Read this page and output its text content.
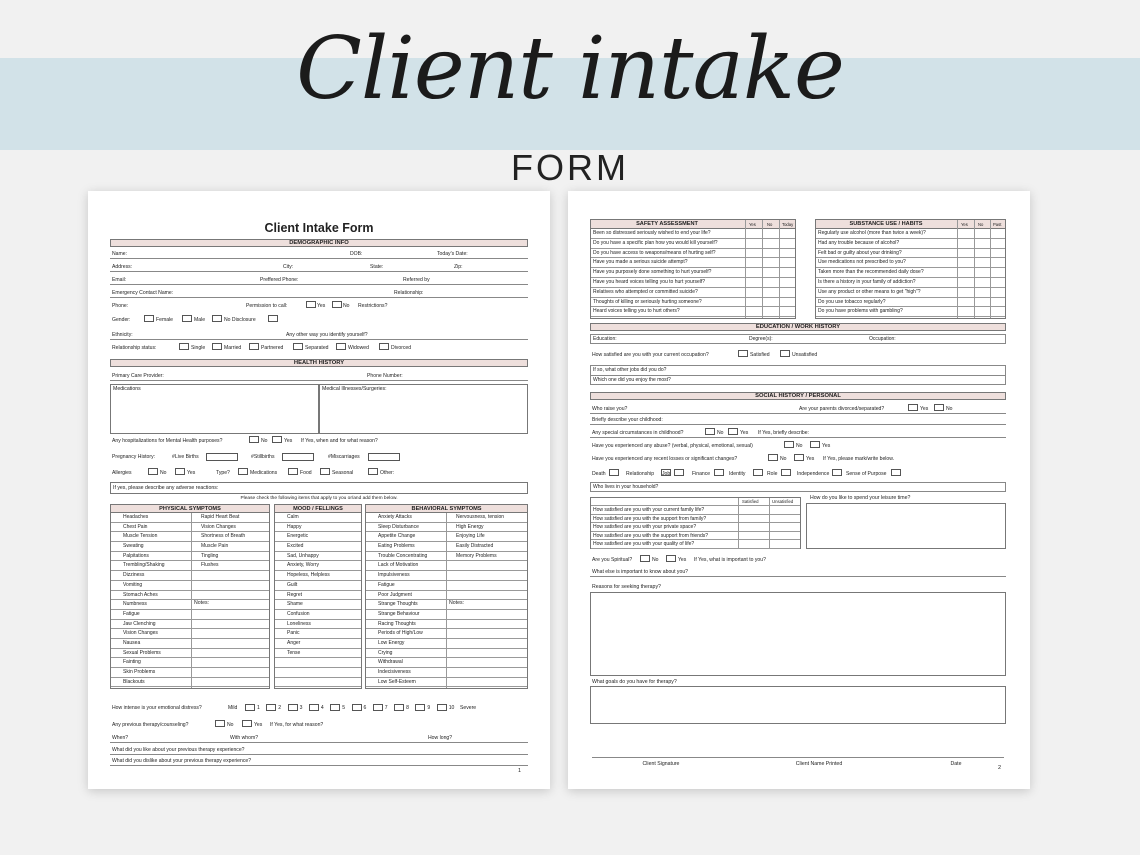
Client intake
FORM
Client Intake Form
DEMOGRAPHIC INFO
Name:	DOB:	Today's Date:
Address:	City:	State:	Zip:
Email:	Preffered Phone:	Referred by
Emergency Contact Name:	Relationship:
Phone:	Permission to call:	Yes	No Restrictions?
Gender:	Female	Male	No Disclosure
Ethnicity:	Any other way you identify yourself?
Relationship status:	Single	Married	Partnered	Separated	Widowed	Divorced
HEALTH HISTORY
Primary Care Provider:	Phone Number:
Medications	Medical Illnesses/Surgeries:
Any hospitalizations for Mental Health purposes?	No	Yes If Yes, when and for what reason?
Pregnancy History:	#Live Births	#Stillbirths	#Miscarriages
Allergies	No	Yes	Type?	Medications	Food	Seasonal	Other:
If yes, please describe any adverse reactions:
Please check the following items that apply to you or/and add them below.
PHYSICAL SYMPTOMS
Headaches	Rapid Heart Beat
Chest Pain	Vision Changes
Muscle Tension	Shortness of Breath
Sweating	Muscle Pain
Palpitations	Tingling
Trembling/Shaking	Flushes
Dizziness
Vomiting
Stomach Aches
Numbness
Fatigue
Jaw Clenching
Vision Changes
Nausea
Sexual Problems
Fainting
Skin Problems
Blackouts
Notes:
MOOD / FELLINGS
Calm
Happy
Energetic
Excited
Sad, Unhappy
Anxiety, Worry
Hopeless, Helpless
Guilt
Regret
Shame
Confusion
Loneliness
Panic
Anger
Tense
BEHAVIORAL SYMPTOMS
Anxiety Attacks	Nervousness, tension
Sleep Disturbance	High Energy
Appetite Change	Enjoying Life
Eating Problems	Easily Distracted
Trouble Concentrating	Memory Problems
Lack of Motivation
Impulsiveness
Fatigue
Poor Judgment
Strange Thoughts
Strange Behaviour
Racing Thoughts
Periods of High/Low
Low Energy
Crying
Withdrawal
Indecisiveness
Low Self-Esteem
Notes:
How intense is your emotional distress?	Mild	1	2	3	4	5	6	7	8	9	10 Severe
Any previous therapy/counseling?	No	Yes If Yes, for what reason?
When?	With whom?	How long?
What did you like about your previous therapy experience?
What did you dislike about your previous therapy experience?
1
SAFETY ASSESSMENT	Yes	No Today
Been so distressed seriously wished to end your life?
Do you have a specific plan how you would kill yourself?
Do you have access to weapons/means of hurting self?
Have you made a serious suicide attempt?
Have you purposely done something to hurt yourself?
Have you heard voices telling you to hurt yourself?
Relatives who attempted or committed suicide?
Thoughts of killing or seriously hurting someone?
Heard voices telling you to hurt others?
SUBSTANCE USE / HABITS	Yes No Past
Regularly use alcohol (more than twice a week)?
Had any trouble because of alcohol?
Felt bad or guilty about your drinking?
Use medications not prescribed to you?
Taken more than the recommended daily dose?
Is there a history in your family of addiction?
Use any product or other means to get "high"?
Do you use tobacco regularly?
Do you have problems with gambling?
EDUCATION / WORK HISTORY
Education:	Degree(s):	Occupation:
How satisfied are you with your current occupation?	Satisfied	Unsatisfied
If so, what other jobs did you do?
Which one did you enjoy the most?
SOCIAL HISTORY / PERSONAL
Who raise you?	Are your parents divorced/separated?	Yes	No
Briefly describe your childhood:
Any special circumstances in childhood?	No	Yes If Yes, briefly describe:
Have you experienced any abuse? (verbal, physical, emotional, sexual)	No	Yes
Have you experienced any recent losses or significant changes?	No	Yes If Yes, please mark/write below.
Death	Relationship Job	Finance	Identity	Role	Independence	Sense of Purpose
Who lives in your household?
Satisfied	Unsatisfied
How satisfied are you with your current family life?
How satisfied are you with the support from family?
How satisfied are you with your private space?
How satisfied are you with the support from friends?
How satisfied are you with your quality of life?
How do you like to spend your leisure time?
Are you Spiritual?	No	Yes If Yes, what is important to you?
What else is important to know about you?
Reasons for seeking therapy?
What goals do you have for therapy?
Client Signature	Client Name Printed	Date
2
